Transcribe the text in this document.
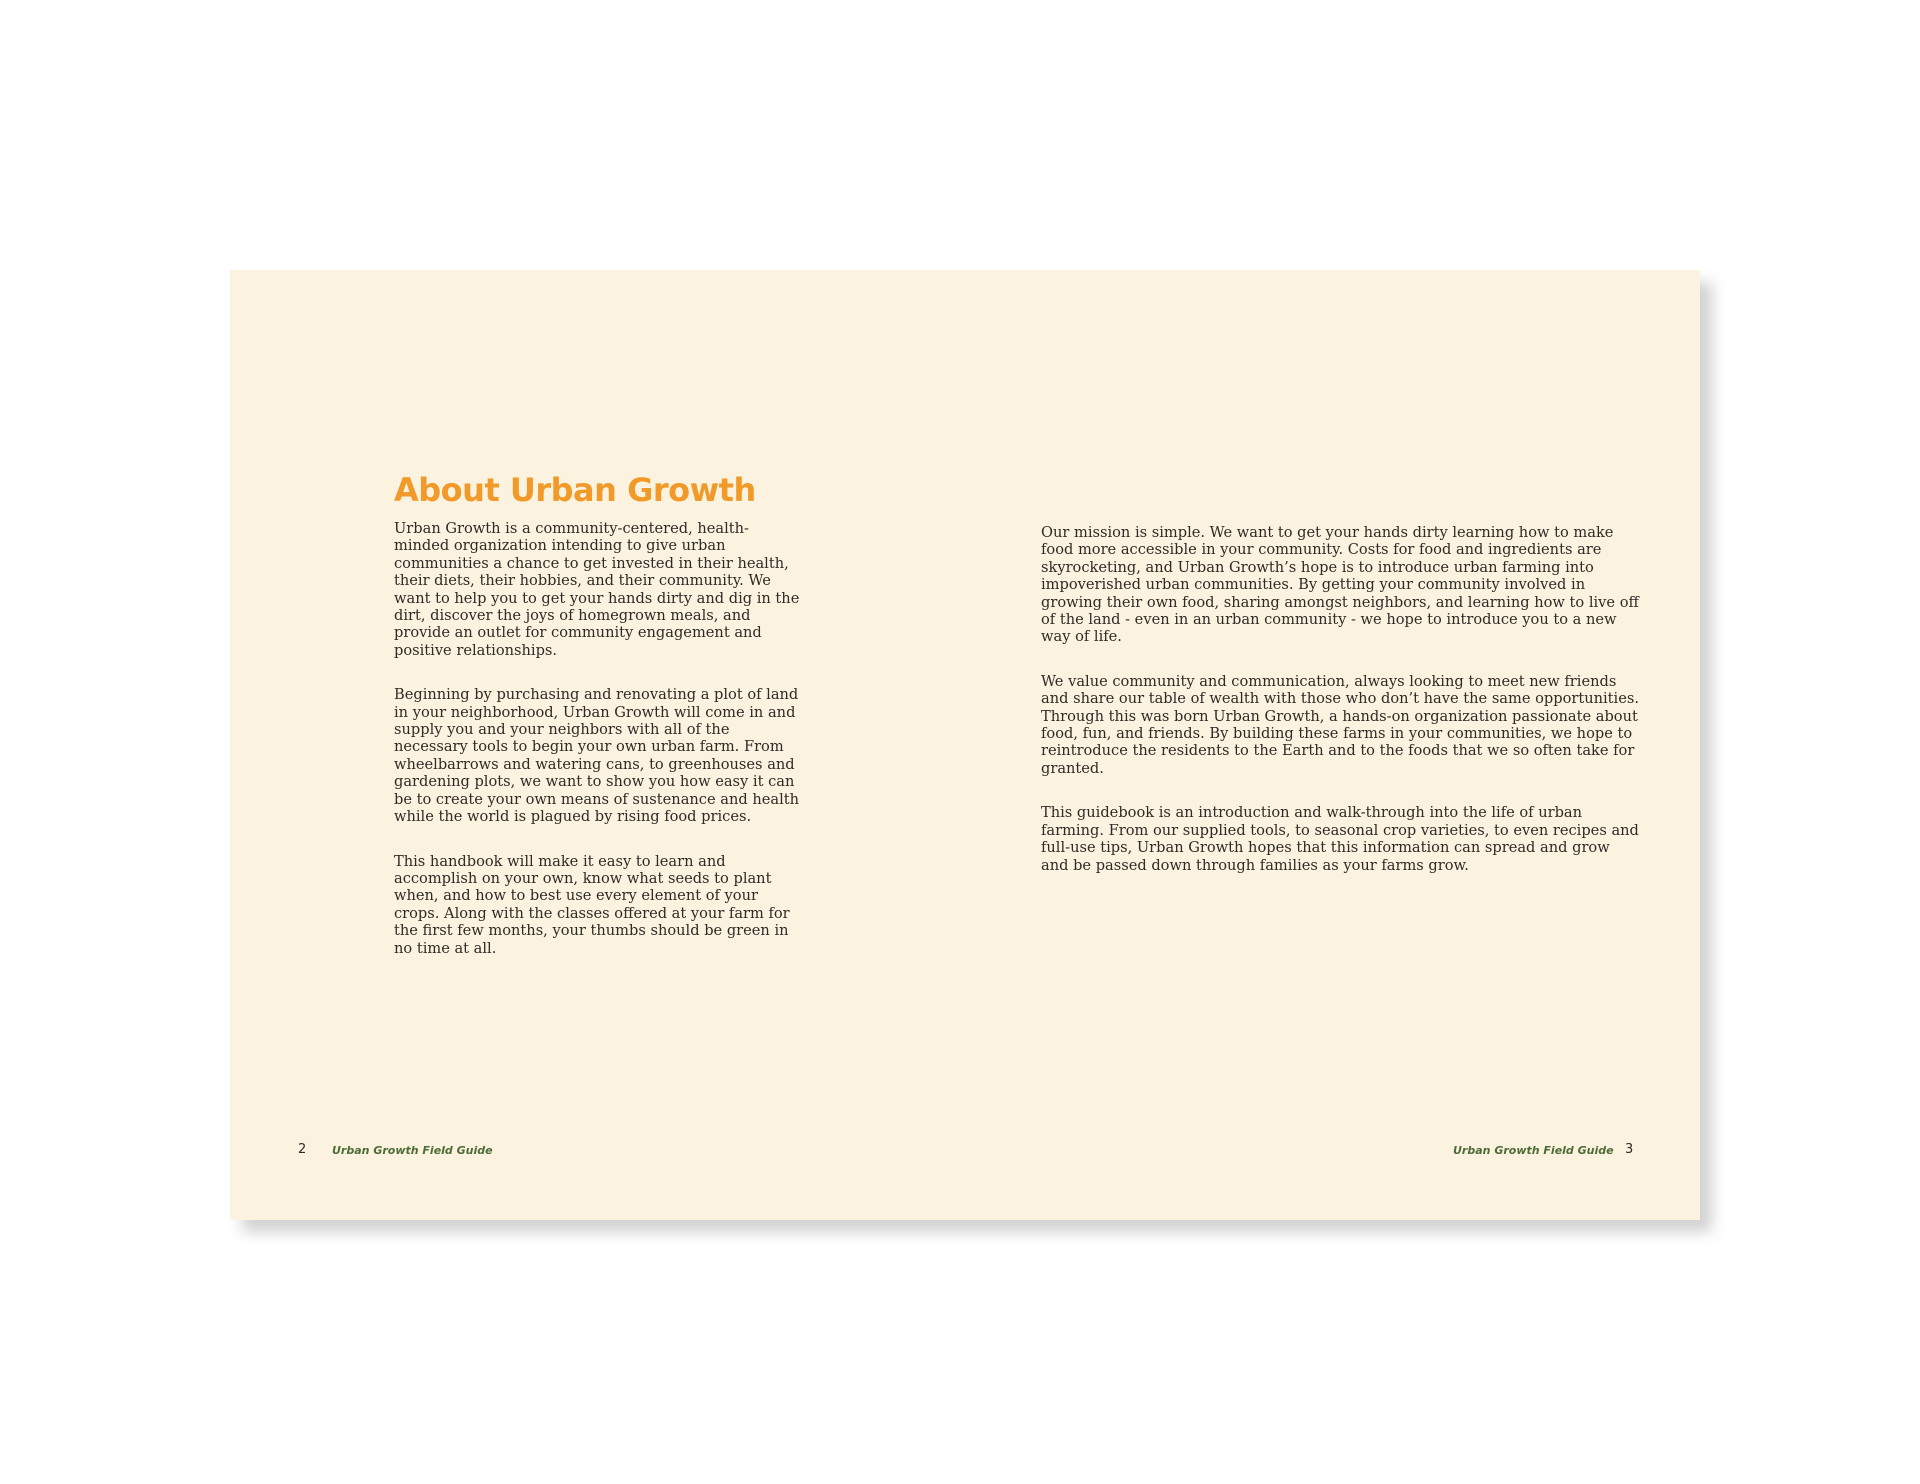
About Urban Growth

Urban Growth is a community-centered, health-minded organization intending to give urban communities a chance to get invested in their health, their diets, their hobbies, and their community. We want to help you to get your hands dirty and dig in the dirt, discover the joys of homegrown meals, and provide an outlet for community engagement and positive relationships.

Beginning by purchasing and renovating a plot of land in your neighborhood, Urban Growth will come in and supply you and your neighbors with all of the necessary tools to begin your own urban farm. From wheelbarrows and watering cans, to greenhouses and gardening plots, we want to show you how easy it can be to create your own means of sustenance and health while the world is plagued by rising food prices.

This handbook will make it easy to learn and accomplish on your own, know what seeds to plant when, and how to best use every element of your crops. Along with the classes offered at your farm for the first few months, your thumbs should be green in no time at all.

Our mission is simple. We want to get your hands dirty learning how to make food more accessible in your community. Costs for food and ingredients are skyrocketing, and Urban Growth’s hope is to introduce urban farming into impoverished urban communities. By getting your community involved in growing their own food, sharing amongst neighbors, and learning how to live off of the land - even in an urban community - we hope to introduce you to a new way of life.

We value community and communication, always looking to meet new friends and share our table of wealth with those who don’t have the same opportunities. Through this was born Urban Growth, a hands-on organization passionate about food, fun, and friends. By building these farms in your communities, we hope to reintroduce the residents to the Earth and to the foods that we so often take for granted.

This guidebook is an introduction and walk-through into the life of urban farming. From our supplied tools, to seasonal crop varieties, to even recipes and full-use tips, Urban Growth hopes that this information can spread and grow and be passed down through families as your farms grow.

2 Urban Growth Field Guide	Urban Growth Field Guide 3
